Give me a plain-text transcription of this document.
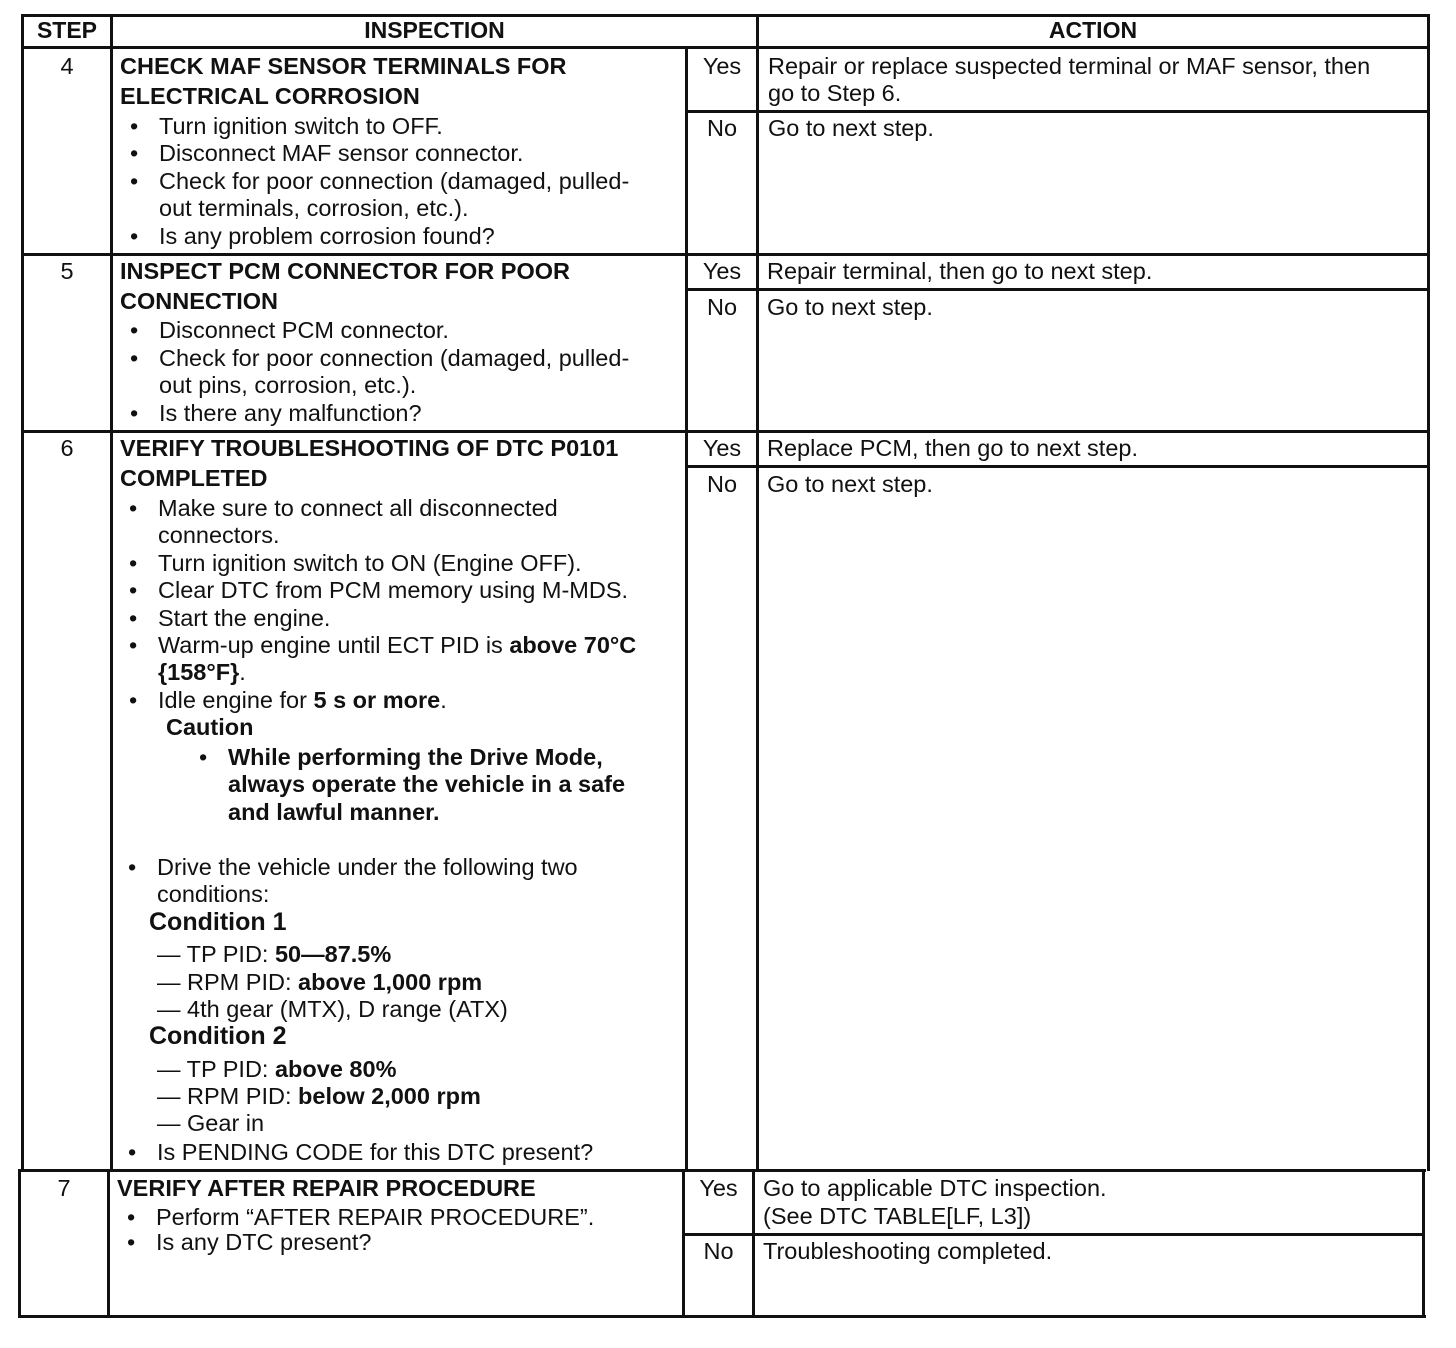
STEP	INSPECTION	ACTION
4	CHECK MAF SENSOR TERMINALS FOR
ELECTRICAL CORROSION
• Turn ignition switch to OFF.
• Disconnect MAF sensor connector.
• Check for poor connection (damaged, pulled-
out terminals, corrosion, etc.).
• Is any problem corrosion found?
Yes	Repair or replace suspected terminal or MAF sensor, then
go to Step 6.
No	Go to next step.
5	INSPECT PCM CONNECTOR FOR POOR
CONNECTION
• Disconnect PCM connector.
• Check for poor connection (damaged, pulled-
out pins, corrosion, etc.).
• Is there any malfunction?
Yes	Repair terminal, then go to next step.
No	Go to next step.
6	VERIFY TROUBLESHOOTING OF DTC P0101
COMPLETED
• Make sure to connect all disconnected
connectors.
• Turn ignition switch to ON (Engine OFF).
• Clear DTC from PCM memory using M-MDS.
• Start the engine.
• Warm-up engine until ECT PID is above 70°C
{158°F}.
• Idle engine for 5 s or more.
Caution
• While performing the Drive Mode,
always operate the vehicle in a safe
and lawful manner.
• Drive the vehicle under the following two
conditions:
Condition 1
— TP PID: 50—87.5%
— RPM PID: above 1,000 rpm
— 4th gear (MTX), D range (ATX)
Condition 2
— TP PID: above 80%
— RPM PID: below 2,000 rpm
— Gear in
• Is PENDING CODE for this DTC present?
Yes	Replace PCM, then go to next step.
No	Go to next step.
7	VERIFY AFTER REPAIR PROCEDURE
• Perform “AFTER REPAIR PROCEDURE”.
• Is any DTC present?
Yes	Go to applicable DTC inspection.
(See DTC TABLE[LF, L3])
No	Troubleshooting completed.
